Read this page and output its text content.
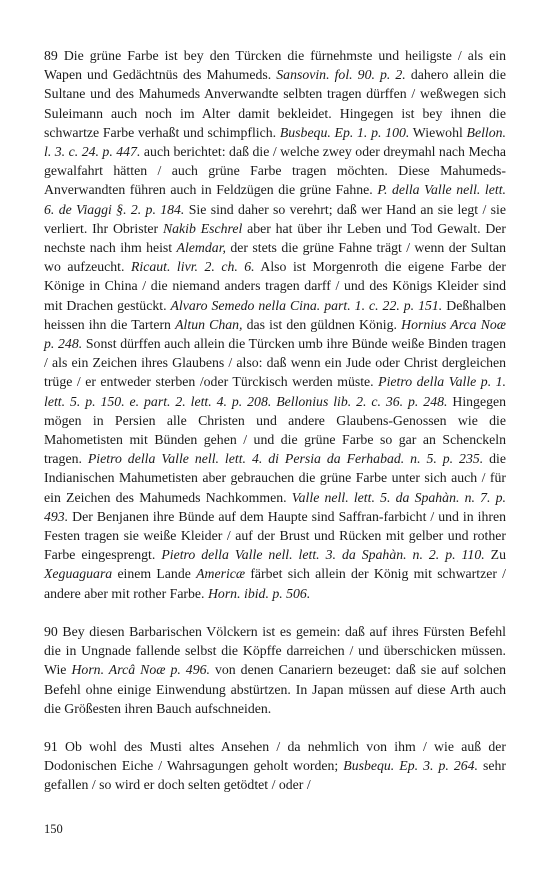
89 Die grüne Farbe ist bey den Türcken die fürnehmste und heiligste / als ein Wapen und Gedächtnüs des Mahumeds. Sansovin. fol. 90. p. 2. dahero allein die Sultane und des Mahumeds Anverwandte selbten tragen dürffen / weßwegen sich Suleimann auch noch im Alter damit bekleidet. Hingegen ist bey ihnen die schwartze Farbe verhaßt und schimpflich. Busbequ. Ep. 1. p. 100. Wiewohl Bellon. l. 3. c. 24. p. 447. auch berichtet: daß die / welche zwey oder dreymahl nach Mecha gewalfahrt hätten / auch grüne Farbe tragen möchten. Diese Mahumeds-Anverwandten führen auch in Feldzügen die grüne Fahne. P. della Valle nell. lett. 6. de Viaggi §. 2. p. 184. Sie sind daher so verehrt; daß wer Hand an sie legt / sie verliert. Ihr Obrister Nakib Eschrel aber hat über ihr Leben und Tod Gewalt. Der nechste nach ihm heist Alemdar, der stets die grüne Fahne trägt / wenn der Sultan wo aufzeucht. Ricaut. livr. 2. ch. 6. Also ist Morgenroth die eigene Farbe der Könige in China / die niemand anders tragen darff / und des Königs Kleider sind mit Drachen gestückt. Alvaro Semedo nella Cina. part. 1. c. 22. p. 151. Deßhalben heissen ihn die Tartern Altun Chan, das ist den güldnen König. Hornius Arca Noæ p. 248. Sonst dürffen auch allein die Türcken umb ihre Bünde weiße Binden tragen / als ein Zeichen ihres Glaubens / also: daß wenn ein Jude oder Christ dergleichen trüge / er entweder sterben /oder Türckisch werden müste. Pietro della Valle p. 1. lett. 5. p. 150. e. part. 2. lett. 4. p. 208. Bellonius lib. 2. c. 36. p. 248. Hingegen mögen in Persien alle Christen und andere Glaubens-Genossen wie die Mahometisten mit Bünden gehen / und die grüne Farbe so gar an Schenckeln tragen. Pietro della Valle nell. lett. 4. di Persia da Ferhabad. n. 5. p. 235. die Indianischen Mahumetisten aber gebrauchen die grüne Farbe unter sich auch / für ein Zeichen des Mahumeds Nachkommen. Valle nell. lett. 5. da Spahàn. n. 7. p. 493. Der Benjanen ihre Bünde auf dem Haupte sind Saffran-farbicht / und in ihren Festen tragen sie weiße Kleider / auf der Brust und Rücken mit gelber und rother Farbe eingesprengt. Pietro della Valle nell. lett. 3. da Spahàn. n. 2. p. 110. Zu Xeguaguara einem Lande Americæ färbet sich allein der König mit schwartzer / andere aber mit rother Farbe. Horn. ibid. p. 506.

90 Bey diesen Barbarischen Völckern ist es gemein: daß auf ihres Fürsten Befehl die in Ungnade fallende selbst die Köpffe darreichen / und überschicken müssen. Wie Horn. Arcâ Noæ p. 496. von denen Canariern bezeuget: daß sie auf solchen Befehl ohne einige Einwendung abstürtzen. In Japan müssen auf diese Arth auch die Größesten ihren Bauch aufschneiden.

91 Ob wohl des Musti altes Ansehen / da nehmlich von ihm / wie auß der Dodonischen Eiche / Wahrsagungen geholt worden; Busbequ. Ep. 3. p. 264. sehr gefallen / so wird er doch selten getödtet / oder /

150
